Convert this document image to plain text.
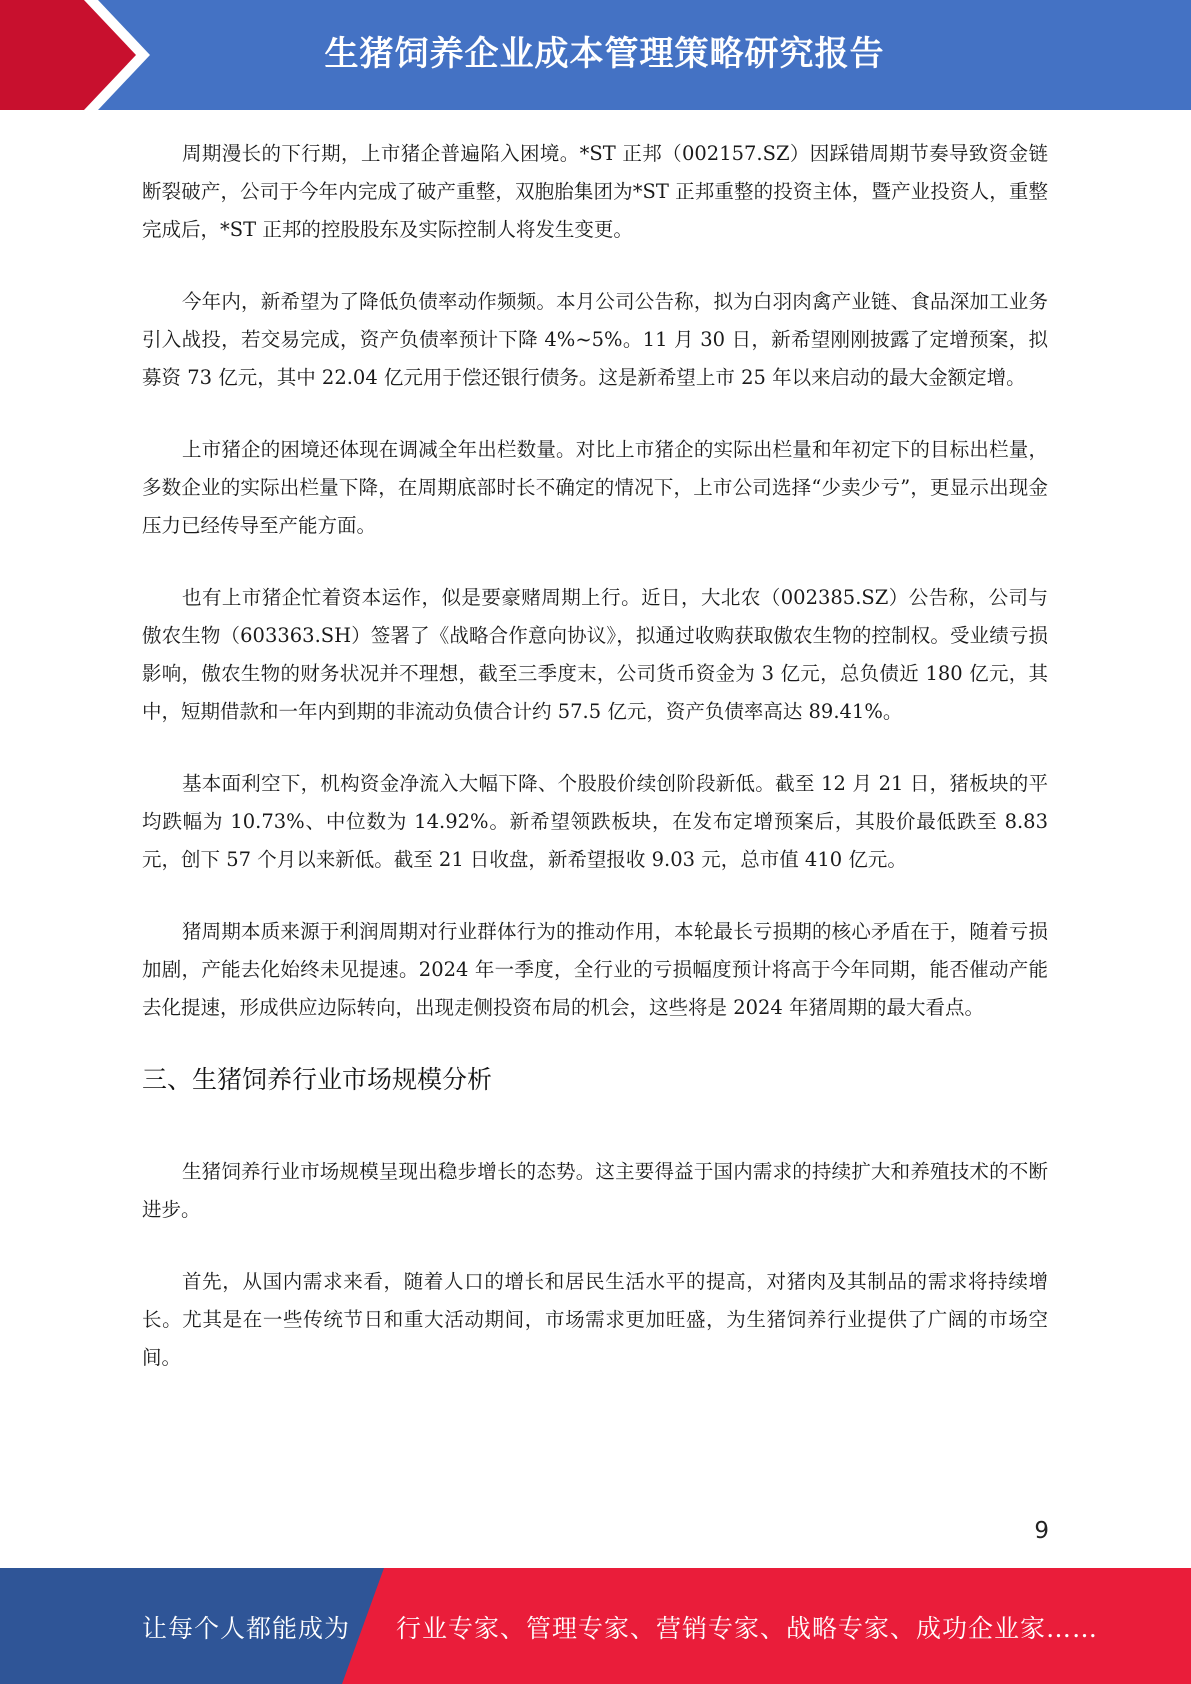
生猪饲养企业成本管理策略研究报告

周期漫长的下行期，上市猪企普遍陷入困境。*ST 正邦（002157.SZ）因踩错周期节奏导致资金链断裂破产，公司于今年内完成了破产重整，双胞胎集团为*ST 正邦重整的投资主体，暨产业投资人，重整完成后，*ST 正邦的控股股东及实际控制人将发生变更。

今年内，新希望为了降低负债率动作频频。本月公司公告称，拟为白羽肉禽产业链、食品深加工业务引入战投，若交易完成，资产负债率预计下降 4%~5%。11 月 30 日，新希望刚刚披露了定增预案，拟募资 73 亿元，其中 22.04 亿元用于偿还银行债务。这是新希望上市 25 年以来启动的最大金额定增。

上市猪企的困境还体现在调减全年出栏数量。对比上市猪企的实际出栏量和年初定下的目标出栏量，多数企业的实际出栏量下降，在周期底部时长不确定的情况下，上市公司选择“少卖少亏”，更显示出现金压力已经传导至产能方面。

也有上市猪企忙着资本运作，似是要豪赌周期上行。近日，大北农（002385.SZ）公告称，公司与傲农生物（603363.SH）签署了《战略合作意向协议》，拟通过收购获取傲农生物的控制权。受业绩亏损影响，傲农生物的财务状况并不理想，截至三季度末，公司货币资金为 3 亿元，总负债近 180 亿元，其中，短期借款和一年内到期的非流动负债合计约 57.5 亿元，资产负债率高达 89.41%。

基本面利空下，机构资金净流入大幅下降、个股股价续创阶段新低。截至 12 月 21 日，猪板块的平均跌幅为 10.73%、中位数为 14.92%。新希望领跌板块，在发布定增预案后，其股价最低跌至 8.83 元，创下 57 个月以来新低。截至 21 日收盘，新希望报收 9.03 元，总市值 410 亿元。

猪周期本质来源于利润周期对行业群体行为的推动作用，本轮最长亏损期的核心矛盾在于，随着亏损加剧，产能去化始终未见提速。2024 年一季度，全行业的亏损幅度预计将高于今年同期，能否催动产能去化提速，形成供应边际转向，出现走侧投资布局的机会，这些将是 2024 年猪周期的最大看点。

三、生猪饲养行业市场规模分析

生猪饲养行业市场规模呈现出稳步增长的态势。这主要得益于国内需求的持续扩大和养殖技术的不断进步。

首先，从国内需求来看，随着人口的增长和居民生活水平的提高，对猪肉及其制品的需求将持续增长。尤其是在一些传统节日和重大活动期间，市场需求更加旺盛，为生猪饲养行业提供了广阔的市场空间。

9
让每个人都能成为 行业专家、管理专家、营销专家、战略专家、成功企业家……
